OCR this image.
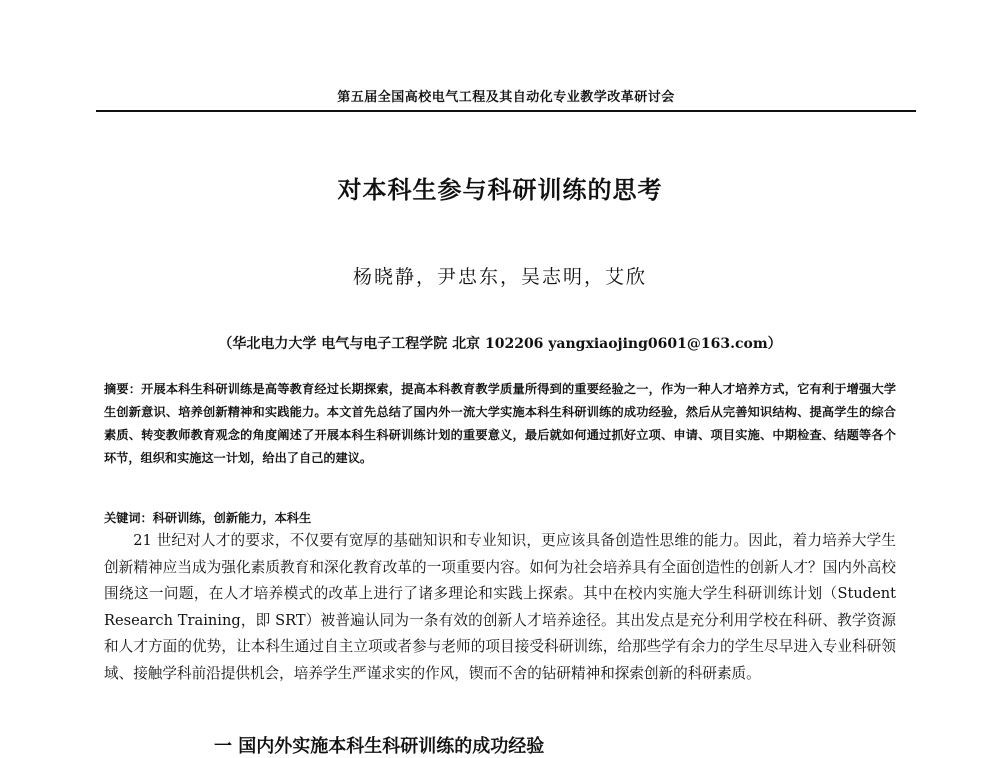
第五届全国高校电气工程及其自动化专业教学改革研讨会
对本科生参与科研训练的思考
杨晓静，尹忠东，吴志明，艾欣
（华北电力大学 电气与电子工程学院 北京 102206 yangxiaojing0601@163.com）

摘要：开展本科生科研训练是高等教育经过长期探索，提高本科教育教学质量所得到的重要经验之一，作为一种人才培养方式，它有利于增强大学生创新意识、培养创新精神和实践能力。本文首先总结了国内外一流大学实施本科生科研训练的成功经验，然后从完善知识结构、提高学生的综合素质、转变教师教育观念的角度阐述了开展本科生科研训练计划的重要意义，最后就如何通过抓好立项、申请、项目实施、中期检查、结题等各个环节，组织和实施这一计划，给出了自己的建议。

关键词：科研训练，创新能力，本科生

21 世纪对人才的要求，不仅要有宽厚的基础知识和专业知识，更应该具备创造性思维的能力。因此，着力培养大学生创新精神应当成为强化素质教育和深化教育改革的一项重要内容。如何为社会培养具有全面创造性的创新人才？国内外高校围绕这一问题，在人才培养模式的改革上进行了诸多理论和实践上探索。其中在校内实施大学生科研训练计划（Student Research Training，即 SRT）被普遍认同为一条有效的创新人才培养途径。其出发点是充分利用学校在科研、教学资源和人才方面的优势，让本科生通过自主立项或者参与老师的项目接受科研训练，给那些学有余力的学生尽早进入专业科研领域、接触学科前沿提供机会，培养学生严谨求实的作风，锲而不舍的钻研精神和探索创新的科研素质。

一 国内外实施本科生科研训练的成功经验
